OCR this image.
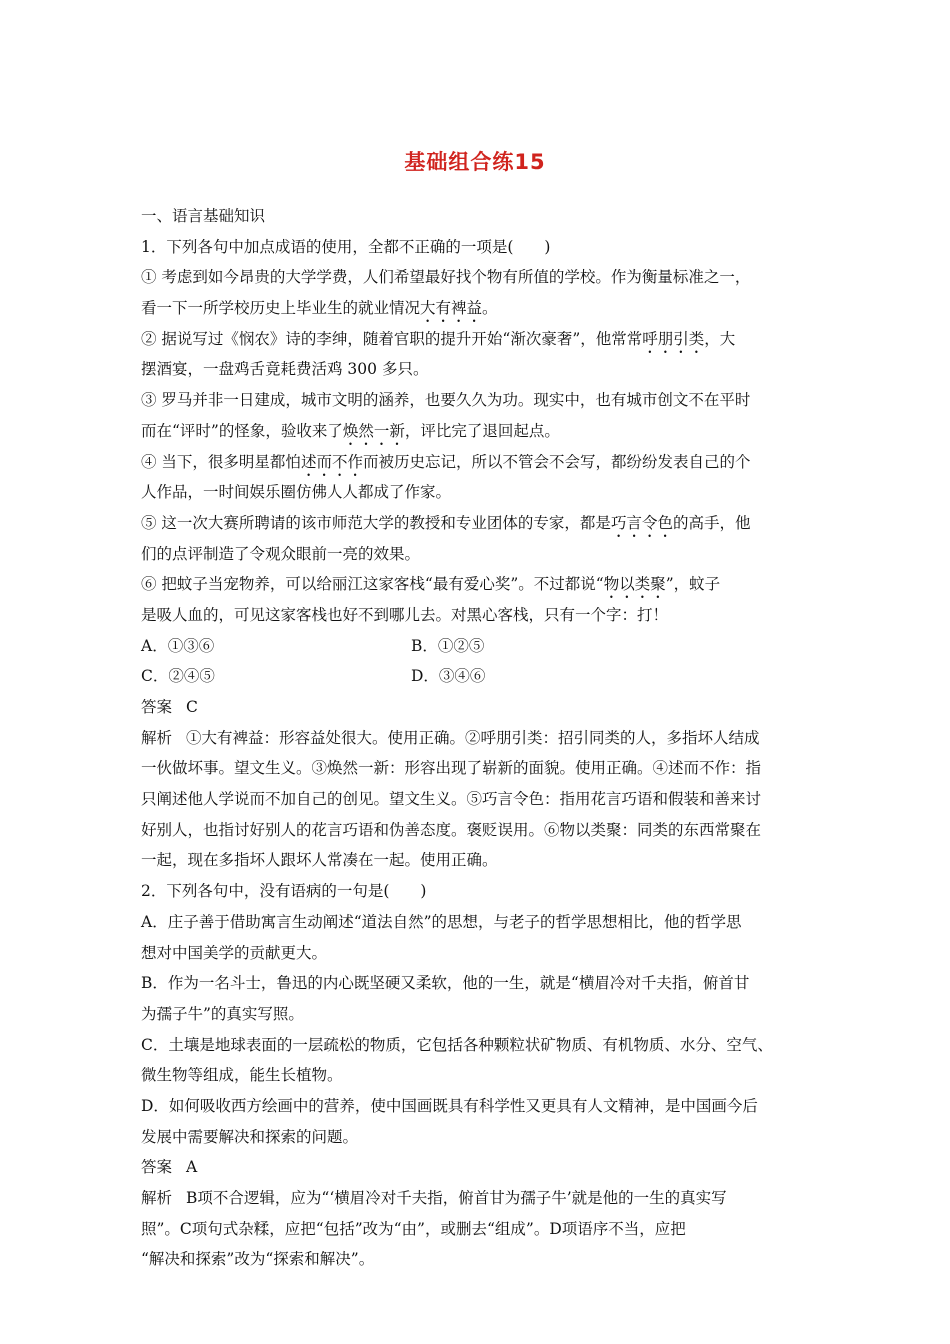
基础组合练15
一、语言基础知识
1．下列各句中加点成语的使用，全都不正确的一项是(　　)
① 考虑到如今昂贵的大学学费，人们希望最好找个物有所值的学校。作为衡量标准之一，
看一下一所学校历史上毕业生的就业情况大有裨益。
② 据说写过《悯农》诗的李绅，随着官职的提升开始“渐次豪奢”，他常常呼朋引类，大
摆酒宴，一盘鸡舌竟耗费活鸡 300 多只。
③ 罗马并非一日建成，城市文明的涵养，也要久久为功。现实中，也有城市创文不在平时
而在“评时”的怪象，验收来了焕然一新，评比完了退回起点。
④ 当下，很多明星都怕述而不作而被历史忘记，所以不管会不会写，都纷纷发表自己的个
人作品，一时间娱乐圈仿佛人人都成了作家。
⑤ 这一次大赛所聘请的该市师范大学的教授和专业团体的专家，都是巧言令色的高手，他
们的点评制造了令观众眼前一亮的效果。
⑥ 把蚊子当宠物养，可以给丽江这家客栈“最有爱心奖”。不过都说“物以类聚”，蚊子
是吸人血的，可见这家客栈也好不到哪儿去。对黑心客栈，只有一个字：打！
A．①③⑥	B．①②⑤
C．②④⑤	D．③④⑥
答案 C
解析 ①大有裨益：形容益处很大。使用正确。②呼朋引类：招引同类的人，多指坏人结成
一伙做坏事。望文生义。③焕然一新：形容出现了崭新的面貌。使用正确。④述而不作：指
只阐述他人学说而不加自己的创见。望文生义。⑤巧言令色：指用花言巧语和假装和善来讨
好别人，也指讨好别人的花言巧语和伪善态度。褒贬误用。⑥物以类聚：同类的东西常聚在
一起，现在多指坏人跟坏人常凑在一起。使用正确。
2．下列各句中，没有语病的一句是(　　)
A．庄子善于借助寓言生动阐述“道法自然”的思想，与老子的哲学思想相比，他的哲学思
想对中国美学的贡献更大。
B．作为一名斗士，鲁迅的内心既坚硬又柔软，他的一生，就是“横眉冷对千夫指，俯首甘
为孺子牛”的真实写照。
C．土壤是地球表面的一层疏松的物质，它包括各种颗粒状矿物质、有机物质、水分、空气、
微生物等组成，能生长植物。
D．如何吸收西方绘画中的营养，使中国画既具有科学性又更具有人文精神，是中国画今后
发展中需要解决和探索的问题。
答案 A
解析 B项不合逻辑，应为“‘横眉冷对千夫指，俯首甘为孺子牛’就是他的一生的真实写
照”。C项句式杂糅，应把“包括”改为“由”，或删去“组成”。D项语序不当，应把
“解决和探索”改为“探索和解决”。
